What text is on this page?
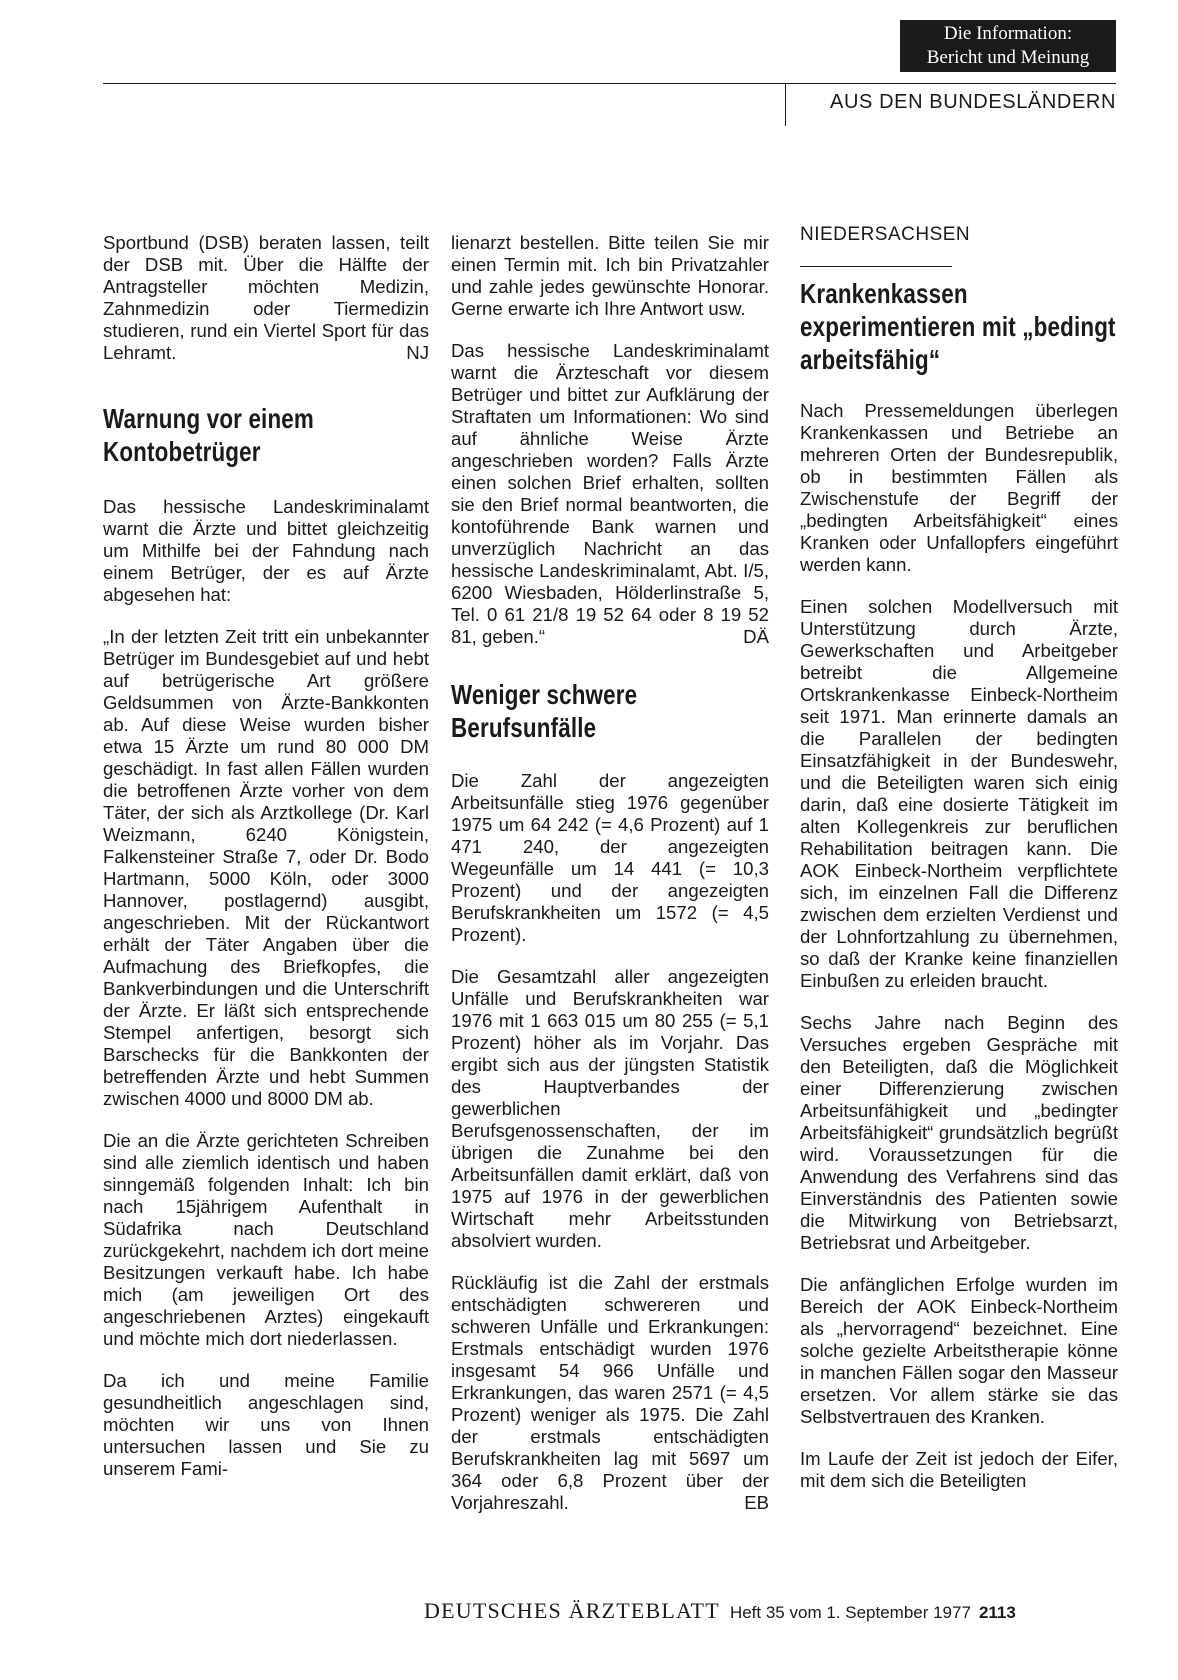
Die Information:
Bericht und Meinung
AUS DEN BUNDESLÄNDERN

Sportbund (DSB) beraten lassen, teilt der DSB mit. Über die Hälfte der Antragsteller möchten Medizin, Zahnmedizin oder Tiermedizin studieren, rund ein Viertel Sport für das Lehramt.	NJ

Warnung vor einem Kontobetrüger

Das hessische Landeskriminalamt warnt die Ärzte und bittet gleichzeitig um Mithilfe bei der Fahndung nach einem Betrüger, der es auf Ärzte abgesehen hat:

„In der letzten Zeit tritt ein unbekannter Betrüger im Bundesgebiet auf und hebt auf betrügerische Art größere Geldsummen von Ärzte-Bankkonten ab. Auf diese Weise wurden bisher etwa 15 Ärzte um rund 80 000 DM geschädigt. In fast allen Fällen wurden die betroffenen Ärzte vorher von dem Täter, der sich als Arztkollege (Dr. Karl Weizmann, 6240 Königstein, Falkensteiner Straße 7, oder Dr. Bodo Hartmann, 5000 Köln, oder 3000 Hannover, postlagernd) ausgibt, angeschrieben. Mit der Rückantwort erhält der Täter Angaben über die Aufmachung des Briefkopfes, die Bankverbindungen und die Unterschrift der Ärzte. Er läßt sich entsprechende Stempel anfertigen, besorgt sich Barschecks für die Bankkonten der betreffenden Ärzte und hebt Summen zwischen 4000 und 8000 DM ab.

Die an die Ärzte gerichteten Schreiben sind alle ziemlich identisch und haben sinngemäß folgenden Inhalt: Ich bin nach 15jährigem Aufenthalt in Südafrika nach Deutschland zurückgekehrt, nachdem ich dort meine Besitzungen verkauft habe. Ich habe mich (am jeweiligen Ort des angeschriebenen Arztes) eingekauft und möchte mich dort niederlassen.

Da ich und meine Familie gesundheitlich angeschlagen sind, möchten wir uns von Ihnen untersuchen lassen und Sie zu unserem Fami-

lienarzt bestellen. Bitte teilen Sie mir einen Termin mit. Ich bin Privatzahler und zahle jedes gewünschte Honorar. Gerne erwarte ich Ihre Antwort usw.

Das hessische Landeskriminalamt warnt die Ärzteschaft vor diesem Betrüger und bittet zur Aufklärung der Straftaten um Informationen: Wo sind auf ähnliche Weise Ärzte angeschrieben worden? Falls Ärzte einen solchen Brief erhalten, sollten sie den Brief normal beantworten, die kontoführende Bank warnen und unverzüglich Nachricht an das hessische Landeskriminalamt, Abt. I/5, 6200 Wiesbaden, Hölderlinstraße 5, Tel. 0 61 21/8 19 52 64 oder 8 19 52 81, geben.“	DÄ

Weniger schwere Berufsunfälle

Die Zahl der angezeigten Arbeitsunfälle stieg 1976 gegenüber 1975 um 64 242 (= 4,6 Prozent) auf 1 471 240, der angezeigten Wegeunfälle um 14 441 (= 10,3 Prozent) und der angezeigten Berufskrankheiten um 1572 (= 4,5 Prozent).

Die Gesamtzahl aller angezeigten Unfälle und Berufskrankheiten war 1976 mit 1 663 015 um 80 255 (= 5,1 Prozent) höher als im Vorjahr. Das ergibt sich aus der jüngsten Statistik des Hauptverbandes der gewerblichen Berufsgenossenschaften, der im übrigen die Zunahme bei den Arbeitsunfällen damit erklärt, daß von 1975 auf 1976 in der gewerblichen Wirtschaft mehr Arbeitsstunden absolviert wurden.

Rückläufig ist die Zahl der erstmals entschädigten schwereren und schweren Unfälle und Erkrankungen: Erstmals entschädigt wurden 1976 insgesamt 54 966 Unfälle und Erkrankungen, das waren 2571 (= 4,5 Prozent) weniger als 1975. Die Zahl der erstmals entschädigten Berufskrankheiten lag mit 5697 um 364 oder 6,8 Prozent über der Vorjahreszahl.	EB

NIEDERSACHSEN

Krankenkassen experimentieren mit „bedingt arbeitsfähig“

Nach Pressemeldungen überlegen Krankenkassen und Betriebe an mehreren Orten der Bundesrepublik, ob in bestimmten Fällen als Zwischenstufe der Begriff der „bedingten Arbeitsfähigkeit“ eines Kranken oder Unfallopfers eingeführt werden kann.

Einen solchen Modellversuch mit Unterstützung durch Ärzte, Gewerkschaften und Arbeitgeber betreibt die Allgemeine Ortskrankenkasse Einbeck-Northeim seit 1971. Man erinnerte damals an die Parallelen der bedingten Einsatzfähigkeit in der Bundeswehr, und die Beteiligten waren sich einig darin, daß eine dosierte Tätigkeit im alten Kollegenkreis zur beruflichen Rehabilitation beitragen kann. Die AOK Einbeck-Northeim verpflichtete sich, im einzelnen Fall die Differenz zwischen dem erzielten Verdienst und der Lohnfortzahlung zu übernehmen, so daß der Kranke keine finanziellen Einbußen zu erleiden braucht.

Sechs Jahre nach Beginn des Versuches ergeben Gespräche mit den Beteiligten, daß die Möglichkeit einer Differenzierung zwischen Arbeitsunfähigkeit und „bedingter Arbeitsfähigkeit“ grundsätzlich begrüßt wird. Voraussetzungen für die Anwendung des Verfahrens sind das Einverständnis des Patienten sowie die Mitwirkung von Betriebsarzt, Betriebsrat und Arbeitgeber.

Die anfänglichen Erfolge wurden im Bereich der AOK Einbeck-Northeim als „hervorragend“ bezeichnet. Eine solche gezielte Arbeitstherapie könne in manchen Fällen sogar den Masseur ersetzen. Vor allem stärke sie das Selbstvertrauen des Kranken.

Im Laufe der Zeit ist jedoch der Eifer, mit dem sich die Beteiligten

DEUTSCHES ÄRZTEBLATT Heft 35 vom 1. September 1977 2113
